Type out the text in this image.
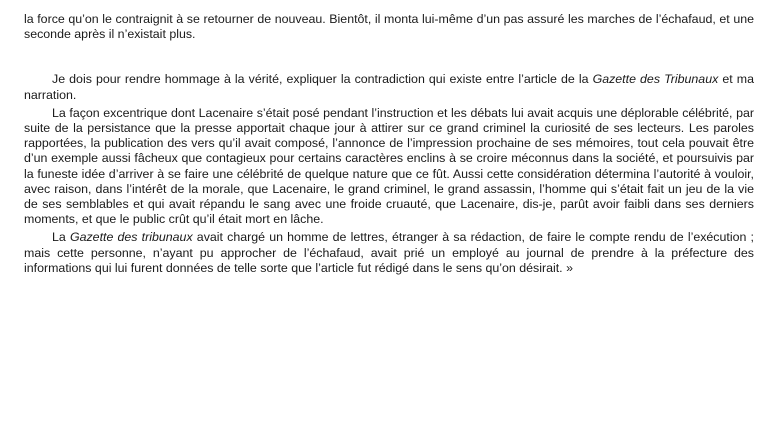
la force qu’on le contraignit à se retourner de nouveau. Bientôt, il monta lui-même d’un pas assuré les marches de l’échafaud, et une seconde après il n’existait plus.

Je dois pour rendre hommage à la vérité, expliquer la contradiction qui existe entre l’article de la Gazette des Tribunaux et ma narration.

La façon excentrique dont Lacenaire s’était posé pendant l’instruction et les débats lui avait acquis une déplorable célébrité, par suite de la persistance que la presse apportait chaque jour à attirer sur ce grand criminel la curiosité de ses lecteurs. Les paroles rapportées, la publication des vers qu’il avait composé, l’annonce de l’impression prochaine de ses mémoires, tout cela pouvait être d’un exemple aussi fâcheux que contagieux pour certains caractères enclins à se croire méconnus dans la société, et poursuivis par la funeste idée d’arriver à se faire une célébrité de quelque nature que ce fût. Aussi cette considération détermina l’autorité à vouloir, avec raison, dans l’intérêt de la morale, que Lacenaire, le grand criminel, le grand assassin, l’homme qui s’était fait un jeu de la vie de ses semblables et qui avait répandu le sang avec une froide cruauté, que Lacenaire, dis-je, parût avoir faibli dans ses derniers moments, et que le public crût qu’il était mort en lâche.

La Gazette des tribunaux avait chargé un homme de lettres, étranger à sa rédaction, de faire le compte rendu de l’exécution ; mais cette personne, n’ayant pu approcher de l’échafaud, avait prié un employé au journal de prendre à la préfecture des informations qui lui furent données de telle sorte que l’article fut rédigé dans le sens qu’on désirait. »
